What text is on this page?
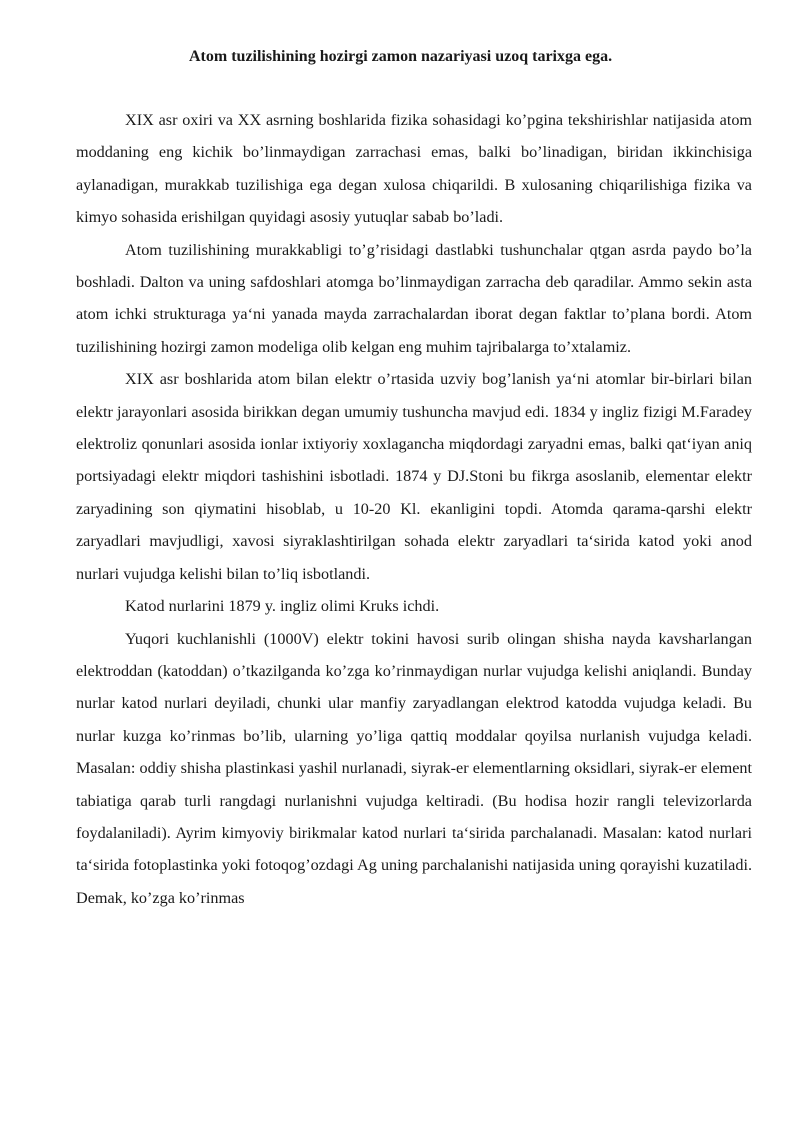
Atom tuzilishining hozirgi zamon nazariyasi uzoq tarixga ega.

XIX asr oxiri va XX asrning boshlarida fizika sohasidagi ko’pgina tekshirishlar natijasida atom moddaning eng kichik bo’linmaydigan zarrachasi emas, balki bo’linadigan, biridan ikkinchisiga aylanadigan, murakkab tuzilishiga ega degan xulosa chiqarildi. B xulosaning chiqarilishiga fizika va kimyo sohasida erishilgan quyidagi asosiy yutuqlar sabab bo’ladi.

Atom tuzilishining murakkabligi to’g’risidagi dastlabki tushunchalar qtgan asrda paydo bo’la boshladi. Dalton va uning safdoshlari atomga bo’linmaydigan zarracha deb qaradilar. Ammo sekin asta atom ichki strukturaga ya‘ni yanada mayda zarrachalardan iborat degan faktlar to’plana bordi. Atom tuzilishining hozirgi zamon modeliga olib kelgan eng muhim tajribalarga to’xtalamiz.

XIX asr boshlarida atom bilan elektr o’rtasida uzviy bog’lanish ya‘ni atomlar bir-birlari bilan elektr jarayonlari asosida birikkan degan umumiy tushuncha mavjud edi. 1834 y ingliz fizigi M.Faradey elektroliz qonunlari asosida ionlar ixtiyoriy xoxlagancha miqdordagi zaryadni emas, balki qat‘iyan aniq portsiyadagi elektr miqdori tashishini isbotladi. 1874 y DJ.Stoni bu fikrga asoslanib, elementar elektr zaryadining son qiymatini hisoblab, u 10-20 Kl. ekanligini topdi. Atomda qarama-qarshi elektr zaryadlari mavjudligi, xavosi siyraklashtirilgan sohada elektr zaryadlari ta‘sirida katod yoki anod nurlari vujudga kelishi bilan to’liq isbotlandi.

Katod nurlarini 1879 y. ingliz olimi Kruks ichdi.

Yuqori kuchlanishli (1000V) elektr tokini havosi surib olingan shisha nayda kavsharlangan elektroddan (katoddan) o’tkazilganda ko’zga ko’rinmaydigan nurlar vujudga kelishi aniqlandi. Bunday nurlar katod nurlari deyiladi, chunki ular manfiy zaryadlangan elektrod katodda vujudga keladi. Bu nurlar kuzga ko’rinmas bo’lib, ularning yo’liga qattiq moddalar qoyilsa nurlanish vujudga keladi. Masalan: oddiy shisha plastinkasi yashil nurlanadi, siyrak-er elementlarning oksidlari, siyrak-er element tabiatiga qarab turli rangdagi nurlanishni vujudga keltiradi. (Bu hodisa hozir rangli televizorlarda foydalaniladi). Ayrim kimyoviy birikmalar katod nurlari ta‘sirida parchalanadi. Masalan: katod nurlari ta‘sirida fotoplastinka yoki fotoqog’ozdagi Ag uning parchalanishi natijasida uning qorayishi kuzatiladi. Demak, ko’zga ko’rinmas
